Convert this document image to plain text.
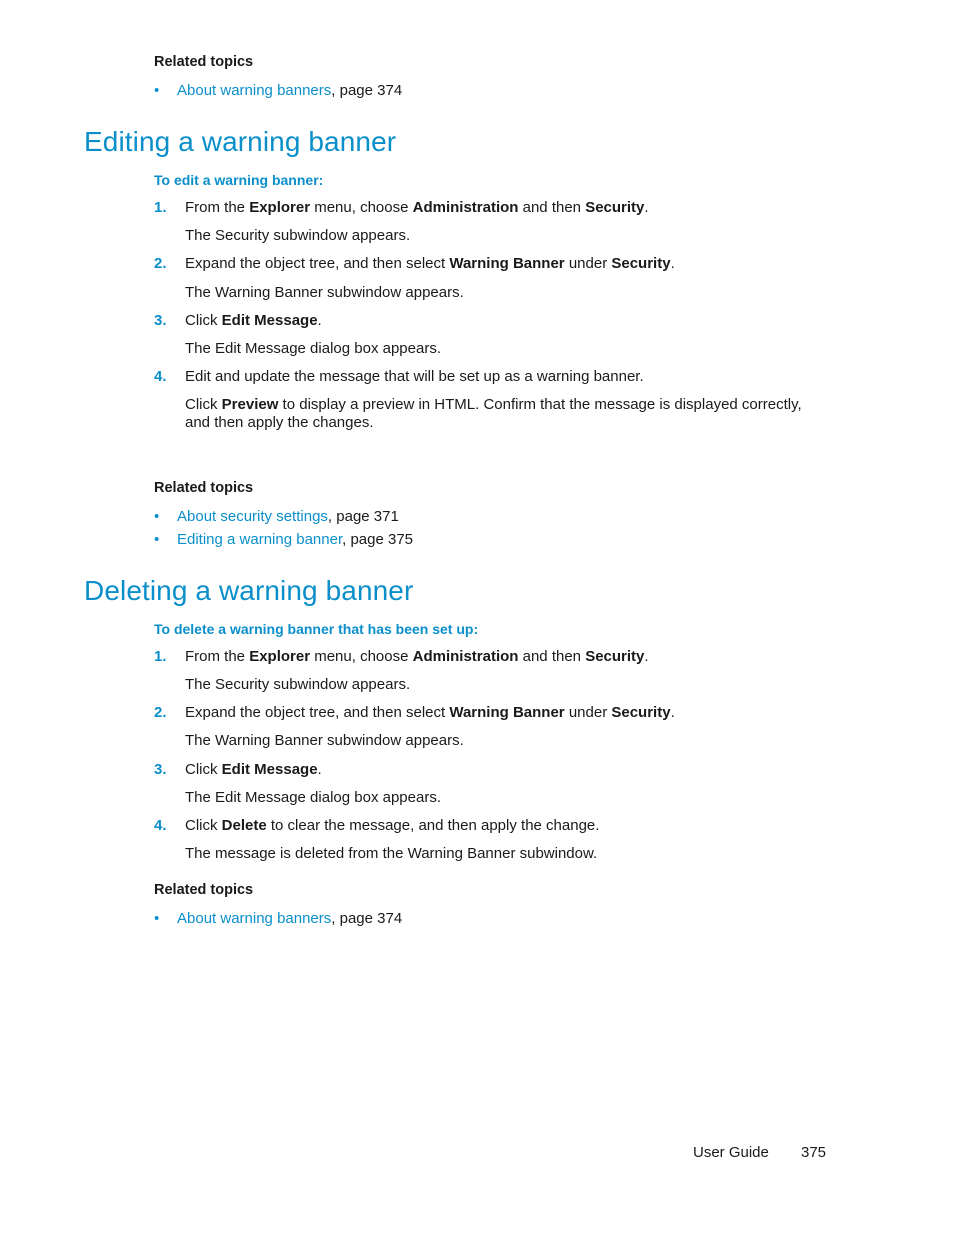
Related topics
• About warning banners, page 374
Editing a warning banner
To edit a warning banner:
1. From the Explorer menu, choose Administration and then Security.
The Security subwindow appears.
2. Expand the object tree, and then select Warning Banner under Security.
The Warning Banner subwindow appears.
3. Click Edit Message.
The Edit Message dialog box appears.
4. Edit and update the message that will be set up as a warning banner.
Click Preview to display a preview in HTML. Confirm that the message is displayed correctly,
and then apply the changes.
Related topics
• About security settings, page 371
• Editing a warning banner, page 375
Deleting a warning banner
To delete a warning banner that has been set up:
1. From the Explorer menu, choose Administration and then Security.
The Security subwindow appears.
2. Expand the object tree, and then select Warning Banner under Security.
The Warning Banner subwindow appears.
3. Click Edit Message.
The Edit Message dialog box appears.
4. Click Delete to clear the message, and then apply the change.
The message is deleted from the Warning Banner subwindow.
Related topics
• About warning banners, page 374
User Guide 375
